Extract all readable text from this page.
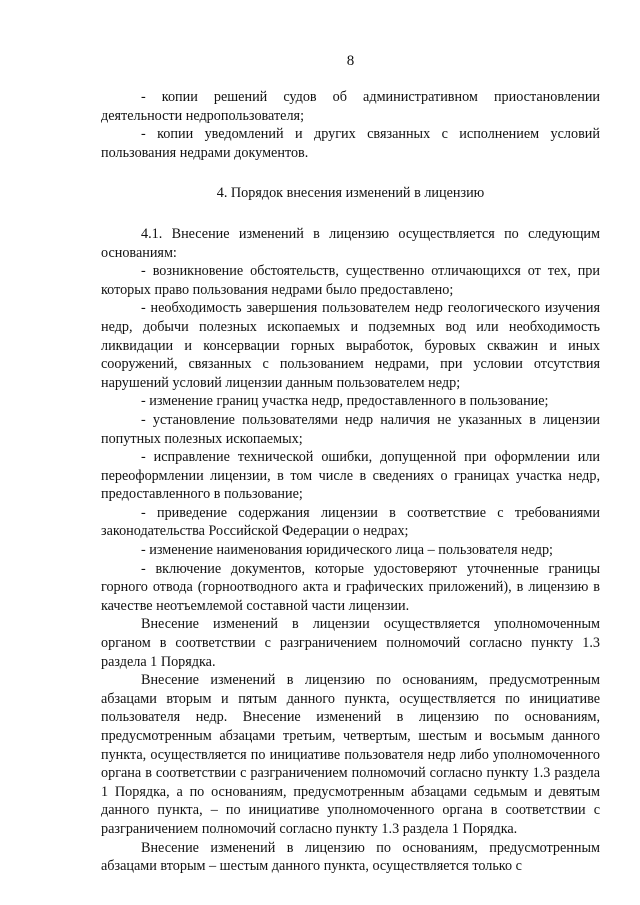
8

- копии решений судов об административном приостановлении деятельности недропользователя;

- копии уведомлений и других связанных с исполнением условий пользования недрами документов.

4. Порядок внесения изменений в лицензию

4.1. Внесение изменений в лицензию осуществляется по следующим основаниям:

- возникновение обстоятельств, существенно отличающихся от тех, при которых право пользования недрами было предоставлено;

- необходимость завершения пользователем недр геологического изучения недр, добычи полезных ископаемых и подземных вод или необходимость ликвидации и консервации горных выработок, буровых скважин и иных сооружений, связанных с пользованием недрами, при условии отсутствия нарушений условий лицензии данным пользователем недр;

- изменение границ участка недр, предоставленного в пользование;

- установление пользователями недр наличия не указанных в лицензии попутных полезных ископаемых;

- исправление технической ошибки, допущенной при оформлении или переоформлении лицензии, в том числе в сведениях о границах участка недр, предоставленного в пользование;

- приведение содержания лицензии в соответствие с требованиями законодательства Российской Федерации о недрах;

- изменение наименования юридического лица – пользователя недр;

- включение документов, которые удостоверяют уточненные границы горного отвода (горноотводного акта и графических приложений), в лицензию в качестве неотъемлемой составной части лицензии.

Внесение изменений в лицензии осуществляется уполномоченным органом в соответствии с разграничением полномочий согласно пункту 1.3 раздела 1 Порядка.

Внесение изменений в лицензию по основаниям, предусмотренным абзацами вторым и пятым данного пункта, осуществляется по инициативе пользователя недр. Внесение изменений в лицензию по основаниям, предусмотренным абзацами третьим, четвертым, шестым и восьмым данного пункта, осуществляется по инициативе пользователя недр либо уполномоченного органа в соответствии с разграничением полномочий согласно пункту 1.3 раздела 1 Порядка, а по основаниям, предусмотренным абзацами седьмым и девятым данного пункта, – по инициативе уполномоченного органа в соответствии с разграничением полномочий согласно пункту 1.3 раздела 1 Порядка.

Внесение изменений в лицензию по основаниям, предусмотренным абзацами вторым – шестым данного пункта, осуществляется только с
